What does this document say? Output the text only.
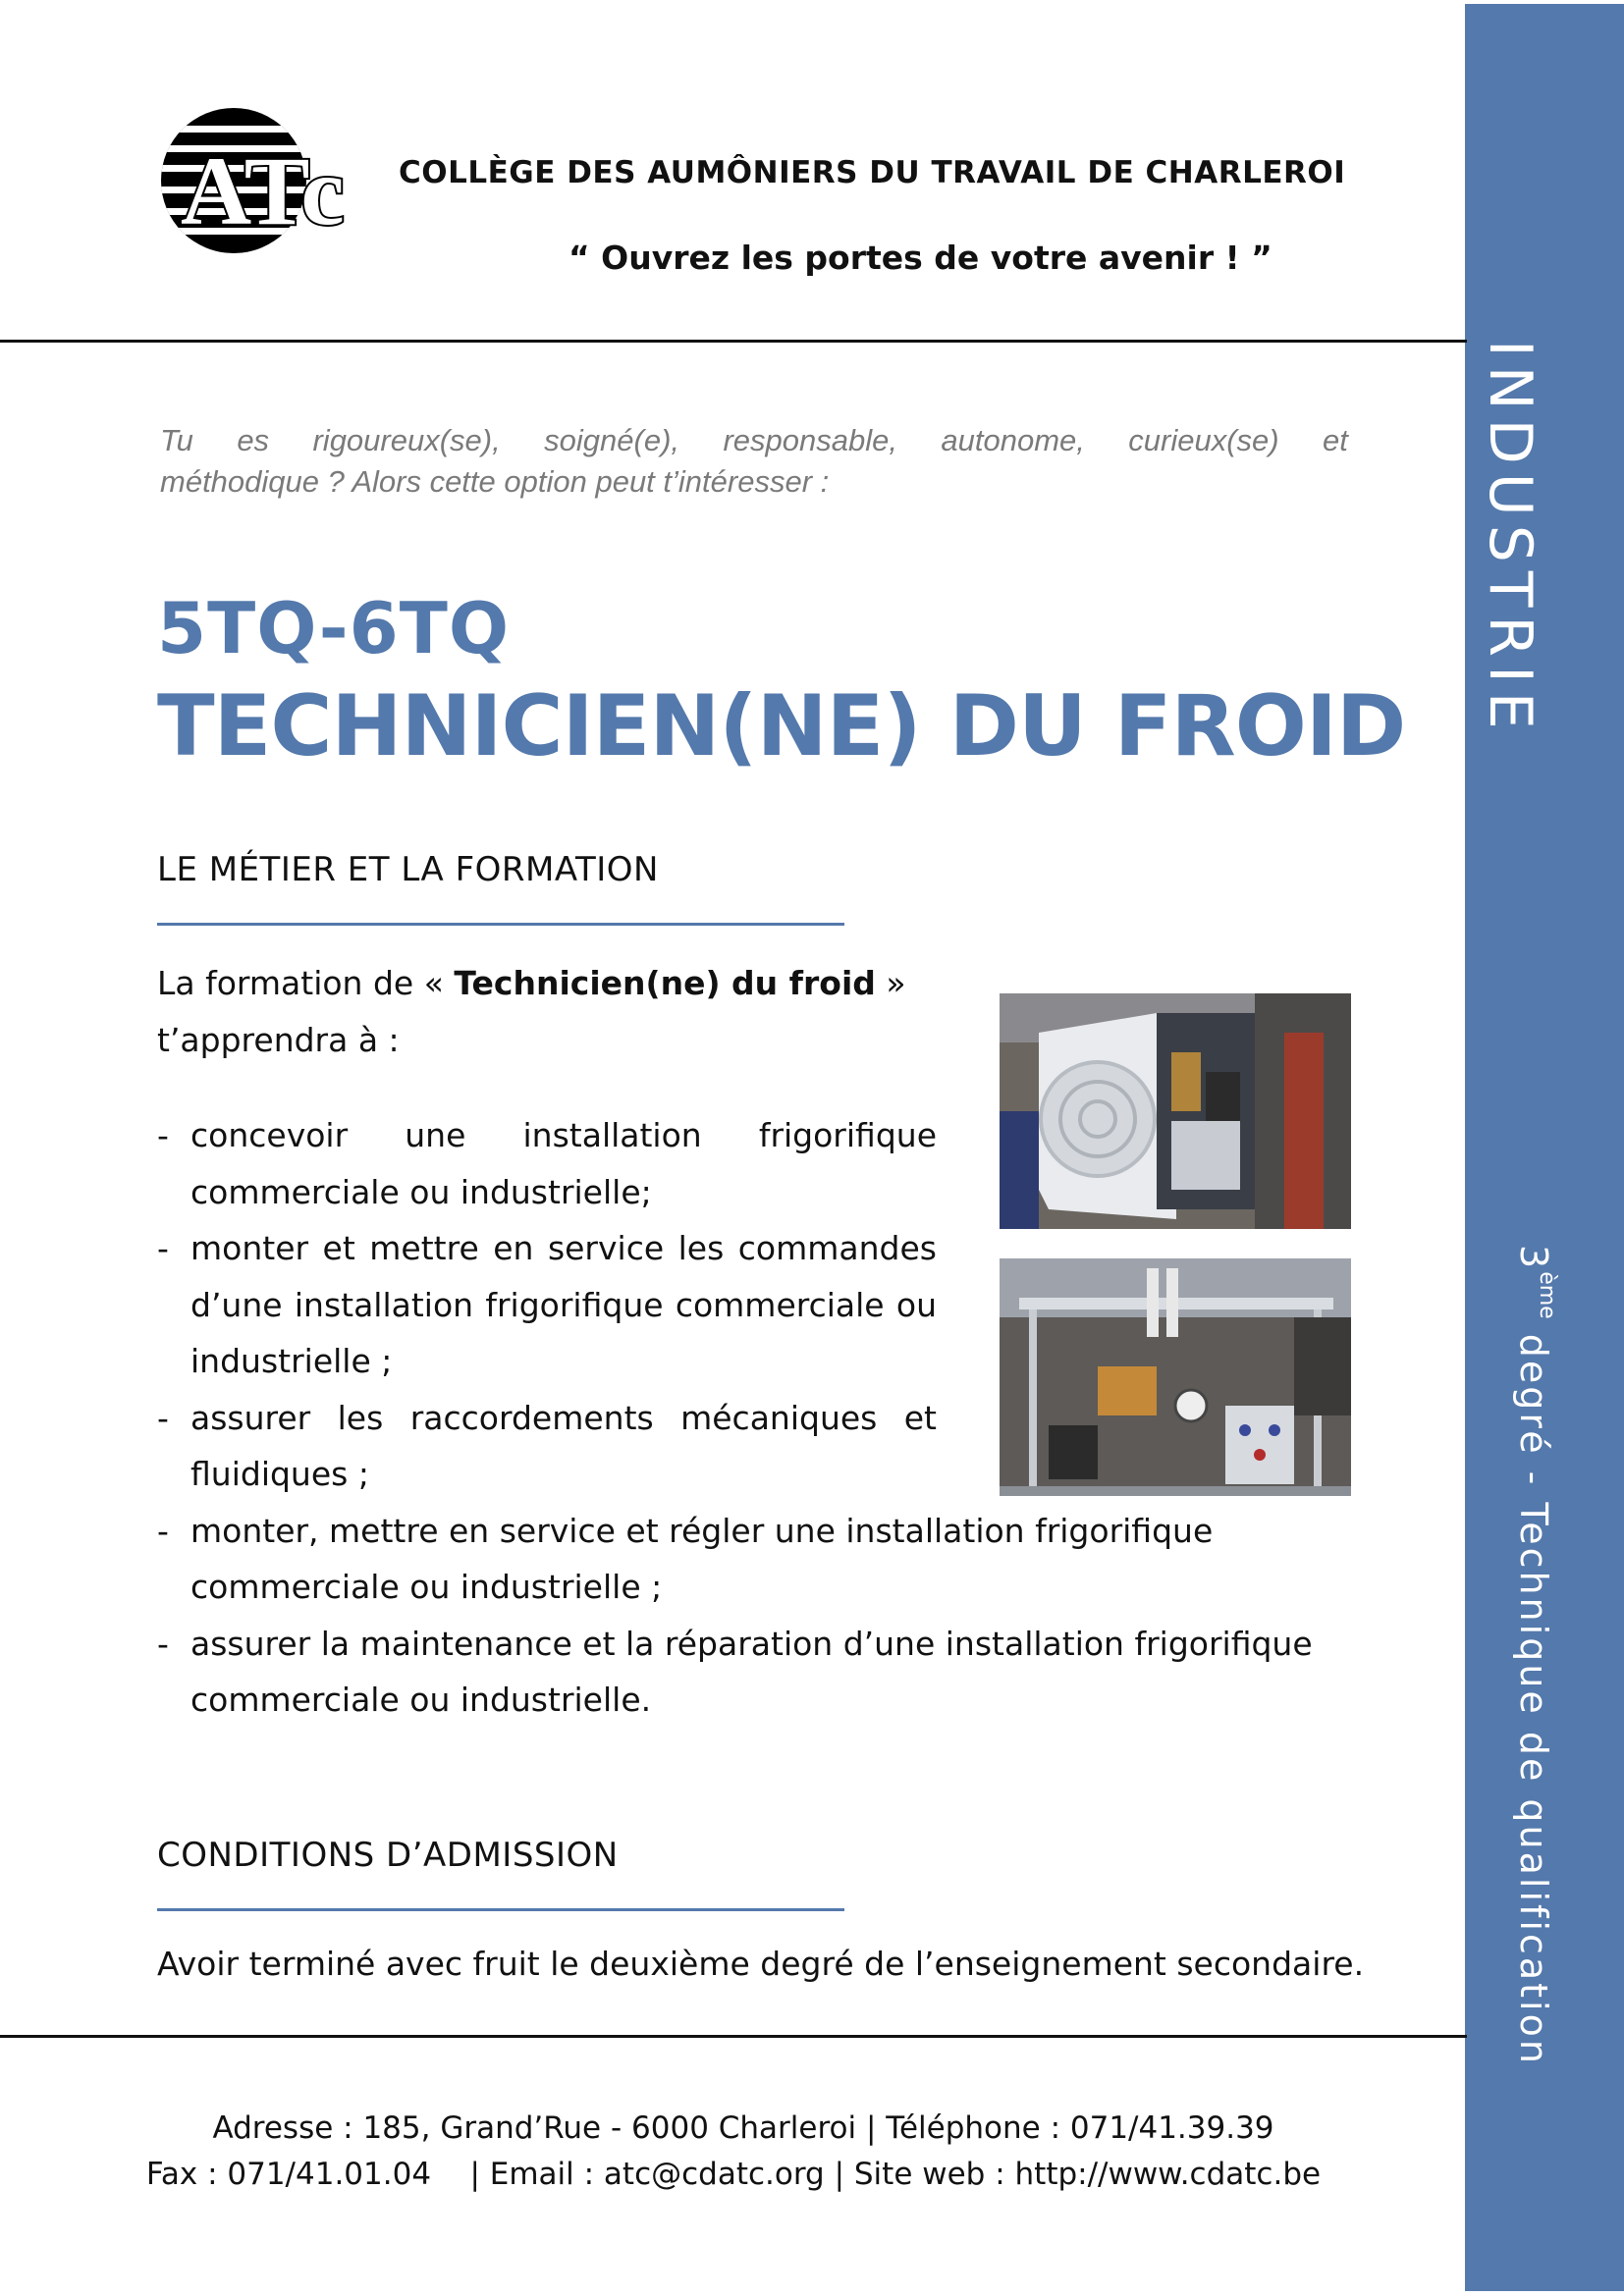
INDUSTRIE
3ème degré - Technique de qualification
ATc COLLÈGE DES AUMÔNIERS DU TRAVAIL DE CHARLEROI
“ Ouvrez les portes de votre avenir ! ”
Tu es rigoureux(se), soigné(e), responsable, autonome, curieux(se) et
méthodique ? Alors cette option peut t’intéresser :
5TQ-6TQ
TECHNICIEN(NE) DU FROID
LE MÉTIER ET LA FORMATION
La formation de « Technicien(ne) du froid »
t’apprendra à :
- concevoir une installation frigorifique commerciale ou industrielle;
- monter et mettre en service les commandes d’une installation frigorifique commerciale ou industrielle ;
- assurer les raccordements mécaniques et fluidiques ;
- monter, mettre en service et régler une installation frigorifique commerciale ou industrielle ;
- assurer la maintenance et la réparation d’une installation frigorifique commerciale ou industrielle.
CONDITIONS D’ADMISSION
Avoir terminé avec fruit le deuxième degré de l’enseignement secondaire.
Adresse : 185, Grand’Rue - 6000 Charleroi | Téléphone : 071/41.39.39
Fax : 071/41.01.04    | Email : atc@cdatc.org | Site web : http://www.cdatc.be
